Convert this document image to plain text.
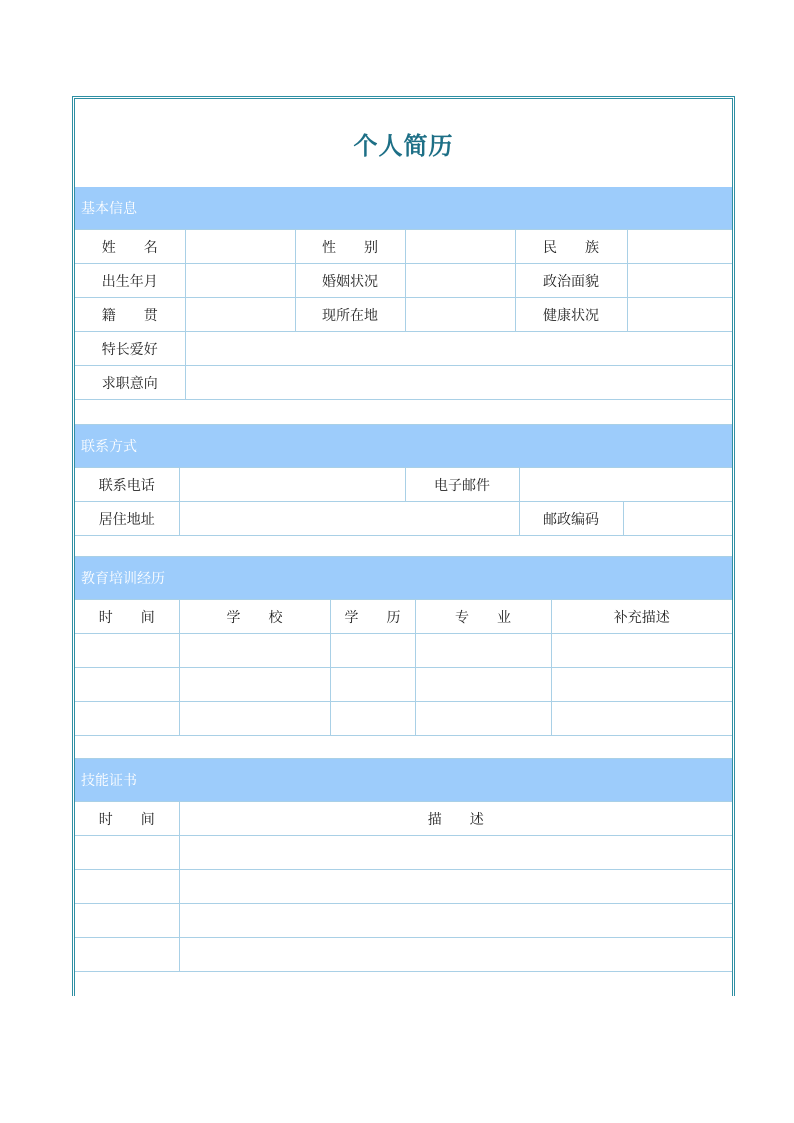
个人简历
基本信息
姓　　名		性　　别		民　　族	
出生年月		婚姻状况		政治面貌	
籍　　贯		现所在地		健康状况	
特长爱好					
求职意向					
联系方式
联系电话		电子邮件		
居住地址			邮政编码	
教育培训经历
时　　间	学　　校	学　　历	专　　业	补充描述

技能证书
时　　间	描　　述
